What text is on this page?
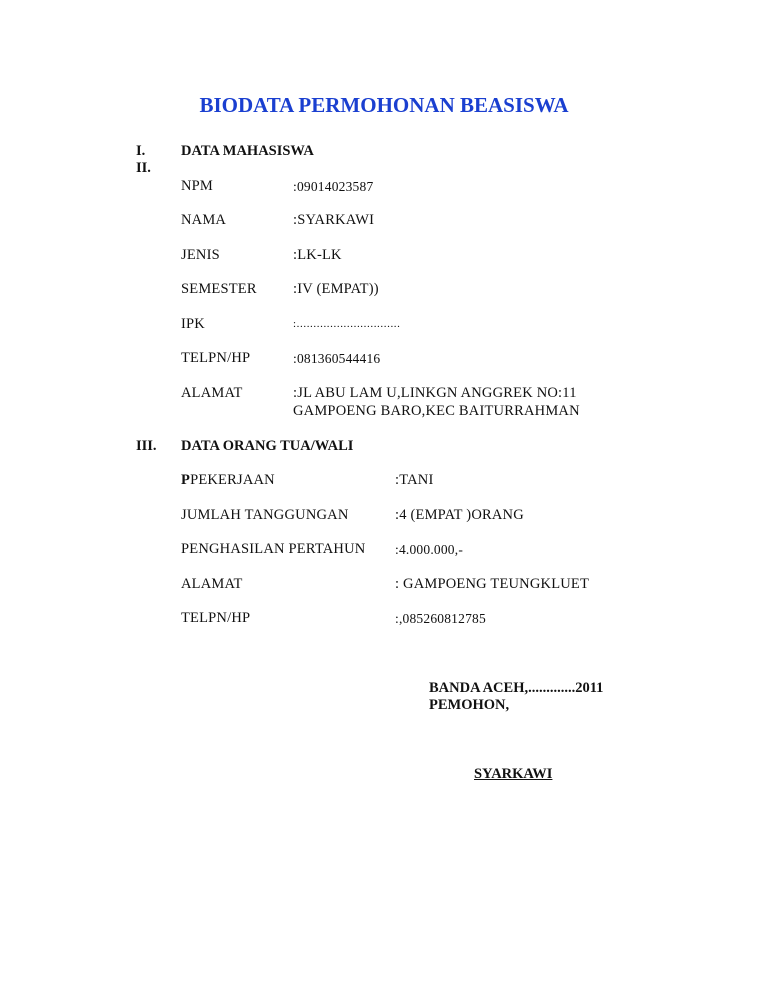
BIODATA PERMOHONAN BEASISWA
I.
II.
DATA MAHASISWA
NPM	:09014023587
NAMA	:SYARKAWI
JENIS	:LK-LK
SEMESTER	:IV (EMPAT))
IPK	:...............................
TELPN/HP	:081360544416
ALAMAT	:JL ABU LAM U,LINKGN ANGGREK NO:11
GAMPOENG BARO,KEC BAITURRAHMAN
III. DATA ORANG TUA/WALI
PPEKERJAAN	:TANI
JUMLAH TANGGUNGAN	:4 (EMPAT )ORANG
PENGHASILAN PERTAHUN :4.000.000,-
ALAMAT	: GAMPOENG TEUNGKLUET
TELPN/HP	:,085260812785
BANDA ACEH,.............2011
PEMOHON,
SYARKAWI
